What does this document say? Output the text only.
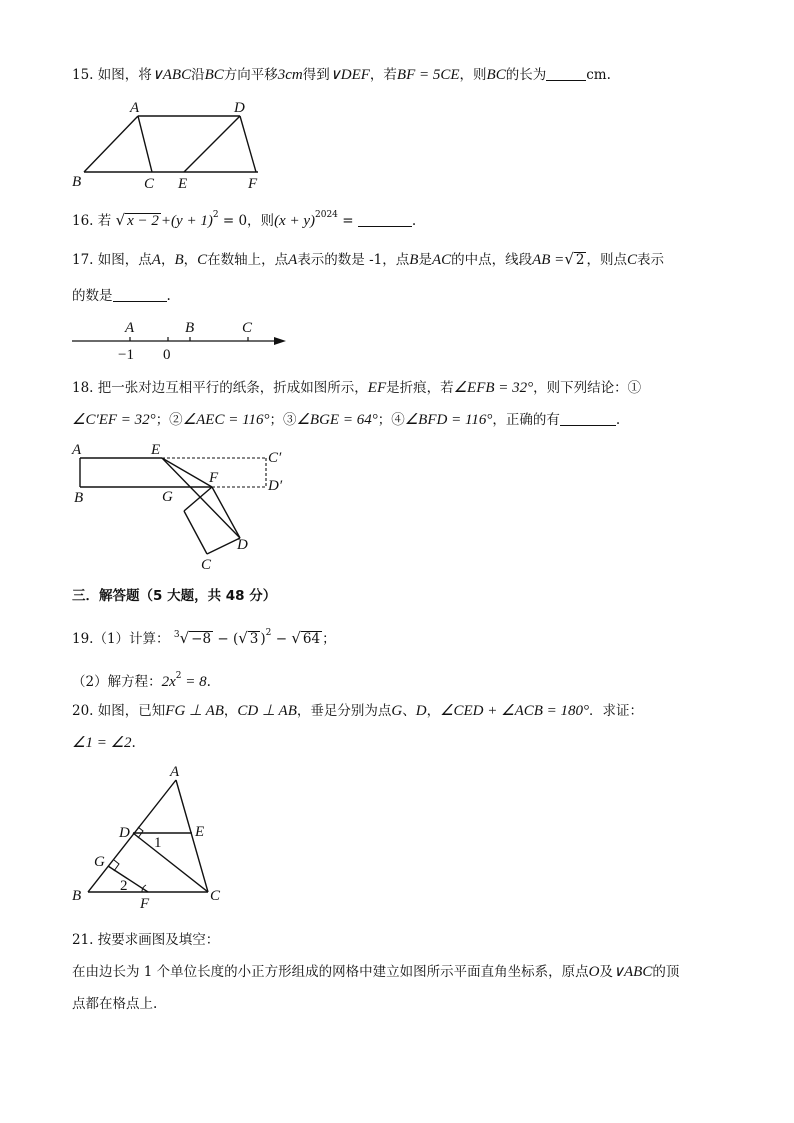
15. 如图，将∨ABC沿BC方向平移3cm得到∨DEF，若BF = 5CE，则BC的长为	cm.
A	D
B	C E	F
16. 若 √ $x - 2 +(y + 1)^2 = 0$，则$(x + y)^{2024}$ =	.
17. 如图，点A，B，C在数轴上，点A表示的数是 -1，点B是AC的中点，线段AB =√ 2 ，则点C表示
的数是	.
A	B	C
−1 0
18. 把一张对边互相平行的纸条，折成如图所示，EF是折痕，若∠EFB = 32°，则下列结论：①
∠C′EF = 32°；②∠AEC = 116°；③∠BGE = 64°；④∠BFD = 116°，正确的有	.
A	E	C′
F	D′
B	G
D
C
三．解答题（5 大题，共 48 分）
19.（1）计算： $^3$√ −8 − (√ 3 )$^2$ − √ 64 ；
（2）解方程：$2x^2 = 8$.
20. 如图，已知FG ⊥ AB，CD ⊥ AB，垂足分别为点G、D，∠CED + ∠ACB = 180°．求证：
∠1 = ∠2.
A
D	E
G
B	F	C
1
2
21. 按要求画图及填空：
在由边长为 1 个单位长度的小正方形组成的网格中建立如图所示平面直角坐标系，原点O及∨ABC的顶
点都在格点上.
